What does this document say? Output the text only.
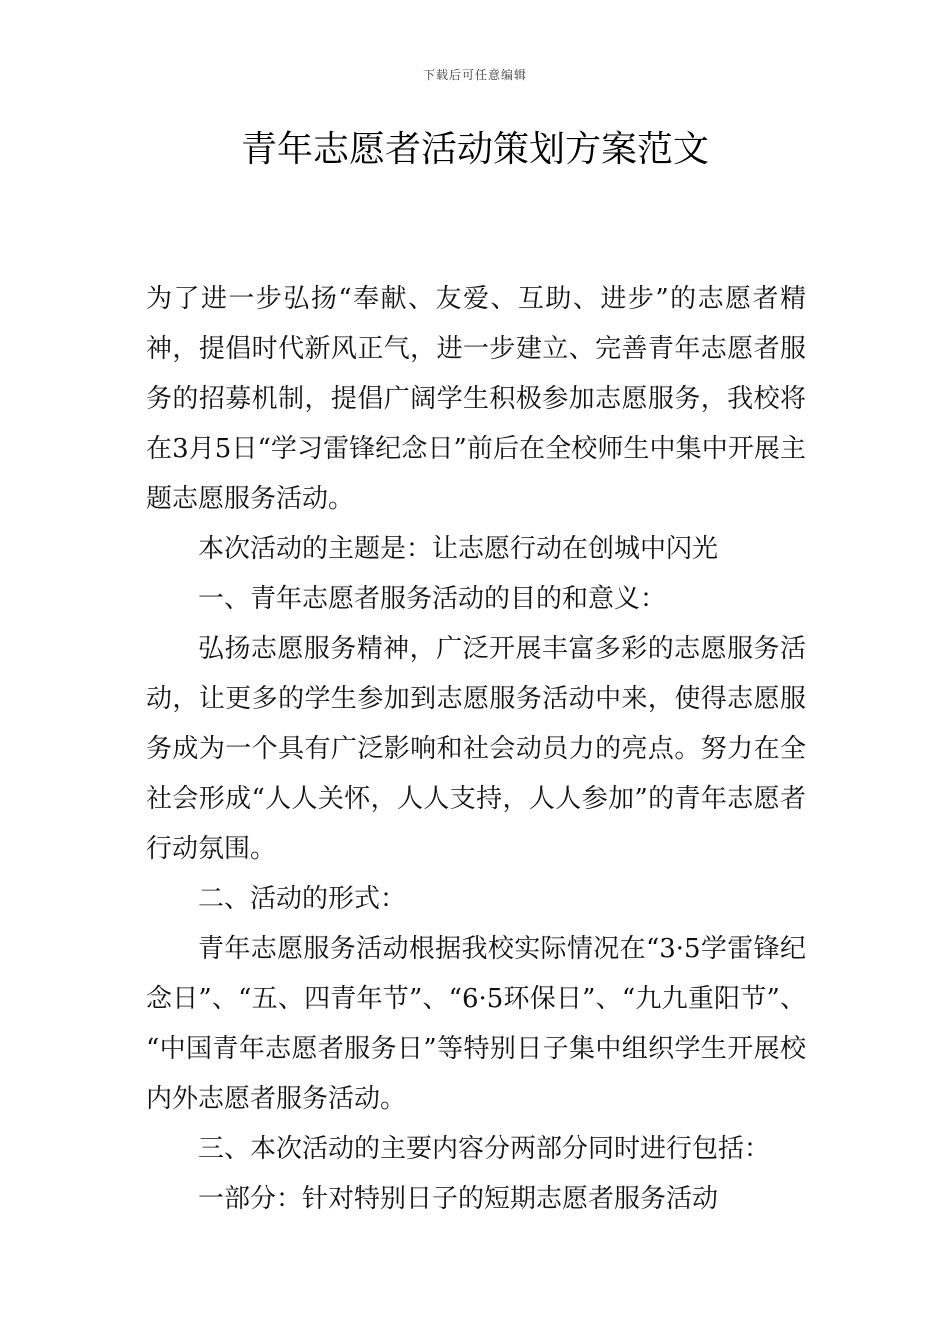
下载后可任意编辑
青年志愿者活动策划方案范文

为了进一步弘扬“奉献、友爱、互助、进步”的志愿者精神，提倡时代新风正气，进一步建立、完善青年志愿者服务的招募机制，提倡广阔学生积极参加志愿服务，我校将在3月5日“学习雷锋纪念日”前后在全校师生中集中开展主题志愿服务活动。

本次活动的主题是：让志愿行动在创城中闪光

一、青年志愿者服务活动的目的和意义：

弘扬志愿服务精神，广泛开展丰富多彩的志愿服务活动，让更多的学生参加到志愿服务活动中来，使得志愿服务成为一个具有广泛影响和社会动员力的亮点。努力在全社会形成“人人关怀，人人支持，人人参加”的青年志愿者行动氛围。

二、活动的形式：

青年志愿服务活动根据我校实际情况在“3·5学雷锋纪念日”、“五、四青年节”、“6·5环保日”、“九九重阳节”、 “中国青年志愿者服务日”等特别日子集中组织学生开展校内外志愿者服务活动。

三、本次活动的主要内容分两部分同时进行包括：

一部分：针对特别日子的短期志愿者服务活动
